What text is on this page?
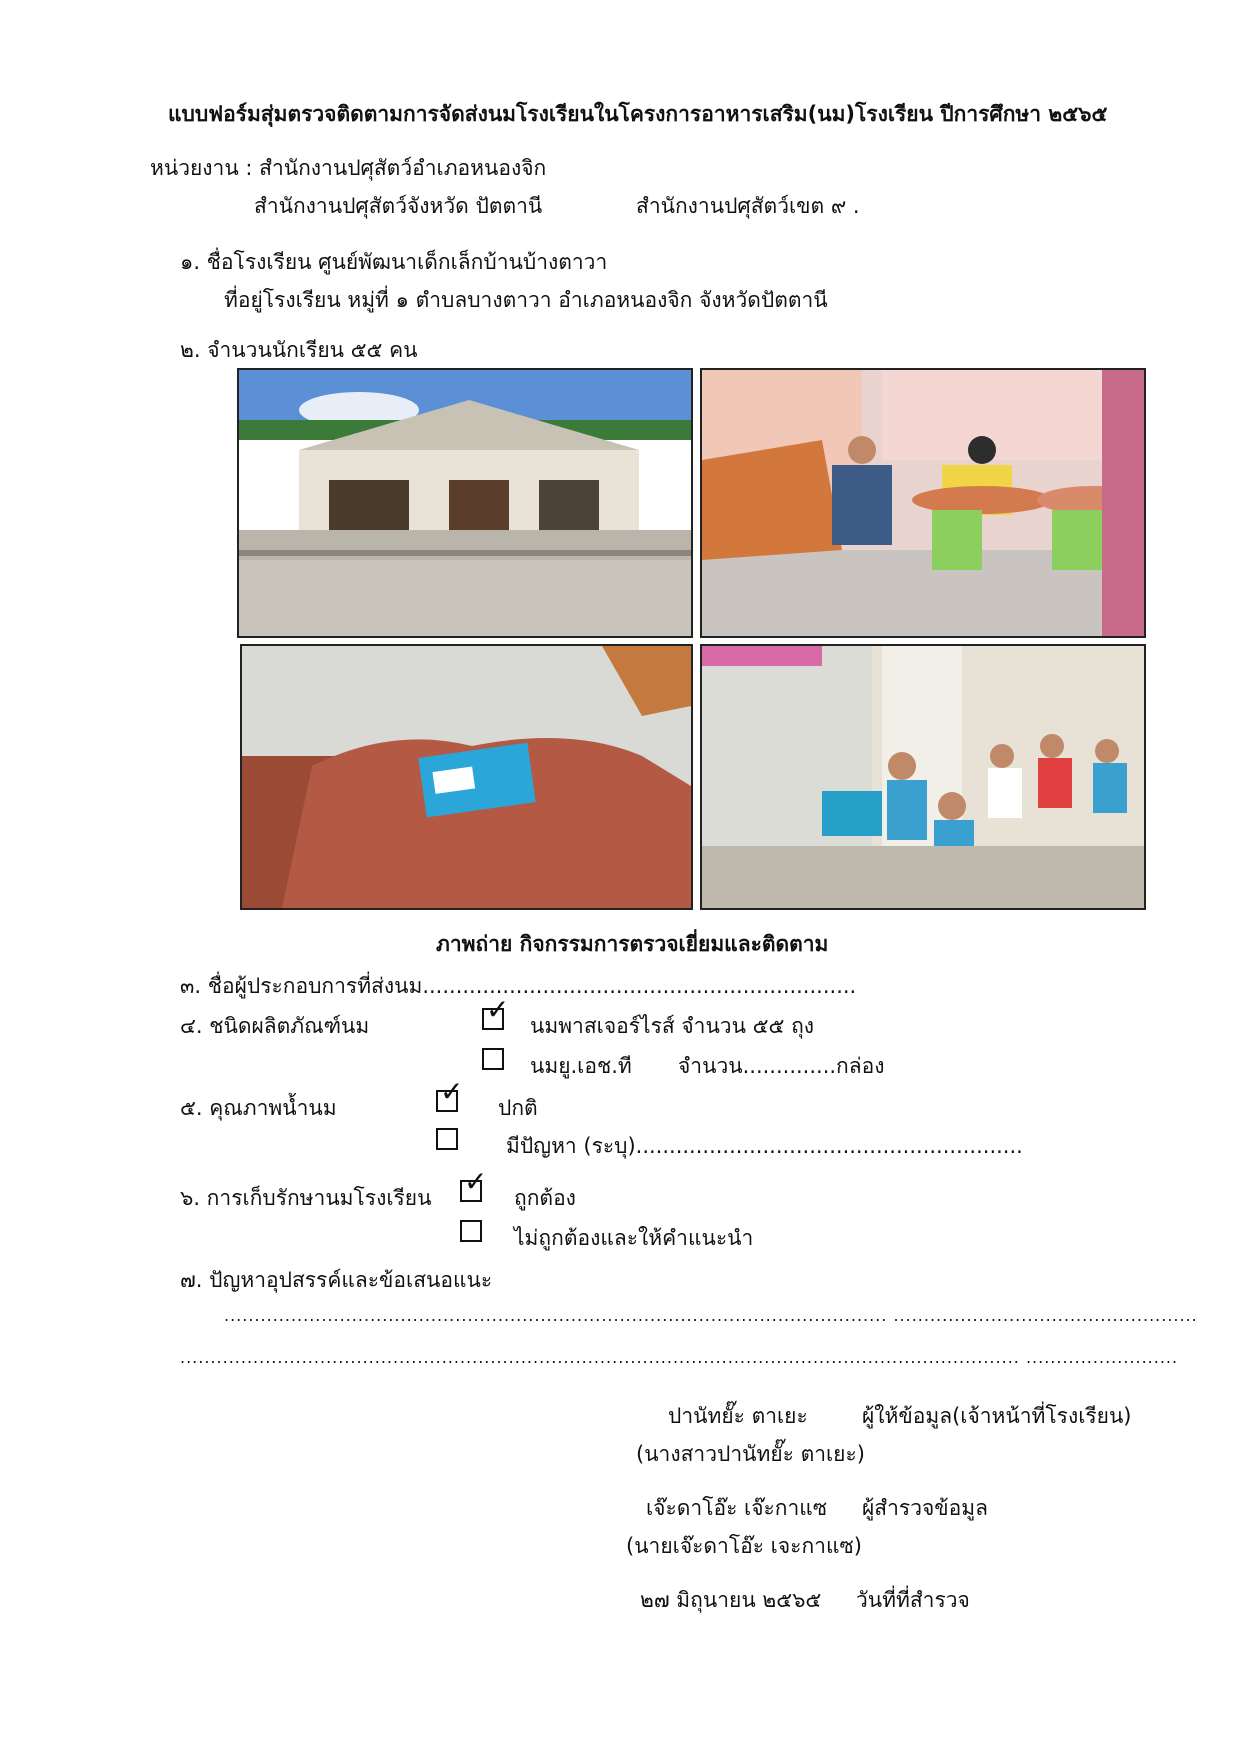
แบบฟอร์มสุ่มตรวจติดตามการจัดส่งนมโรงเรียนในโครงการอาหารเสริม(นม)โรงเรียน ปีการศึกษา ๒๕๖๕
หน่วยงาน : สำนักงานปศุสัตว์อำเภอหนองจิก
สำนักงานปศุสัตว์จังหวัด ปัตตานี	สำนักงานปศุสัตว์เขต ๙ .
๑. ชื่อโรงเรียน ศูนย์พัฒนาเด็กเล็กบ้านบ้างตาวา
ที่อยู่โรงเรียน หมู่ที่ ๑ ตำบลบางตาวา อำเภอหนองจิก จังหวัดปัตตานี
๒. จำนวนนักเรียน ๕๕ คน
ภาพถ่าย กิจกรรมการตรวจเยี่ยมและติดตาม
๓. ชื่อผู้ประกอบการที่ส่งนม.................................................................
๔. ชนิดผลิตภัณฑ์นม	✓ นมพาสเจอร์ไรส์ จำนวน ๕๕ ถุง
นมยู.เอช.ที จำนวน..............กล่อง
๕. คุณภาพน้ำนม	✓ ปกติ
มีปัญหา (ระบุ)..........................................................
๖. การเก็บรักษานมโรงเรียน ✓ ถูกต้อง
ไม่ถูกต้องและให้คำแนะนำ
๗. ปัญหาอุปสรรค์และข้อเสนอแนะ
............................................................................................................. ..................................................
.......................................................................................................................................... .........................
ปานัทยั๊ะ ตาเยะ	ผู้ให้ข้อมูล(เจ้าหน้าที่โรงเรียน)
(นางสาวปานัทยั๊ะ ตาเยะ)
เจ๊ะดาโอ๊ะ เจ๊ะกาแซ ผู้สำรวจข้อมูล
(นายเจ๊ะดาโอ๊ะ เจะกาแซ)
๒๗ มิถุนายน ๒๕๖๕ วันที่ที่สำรวจ
